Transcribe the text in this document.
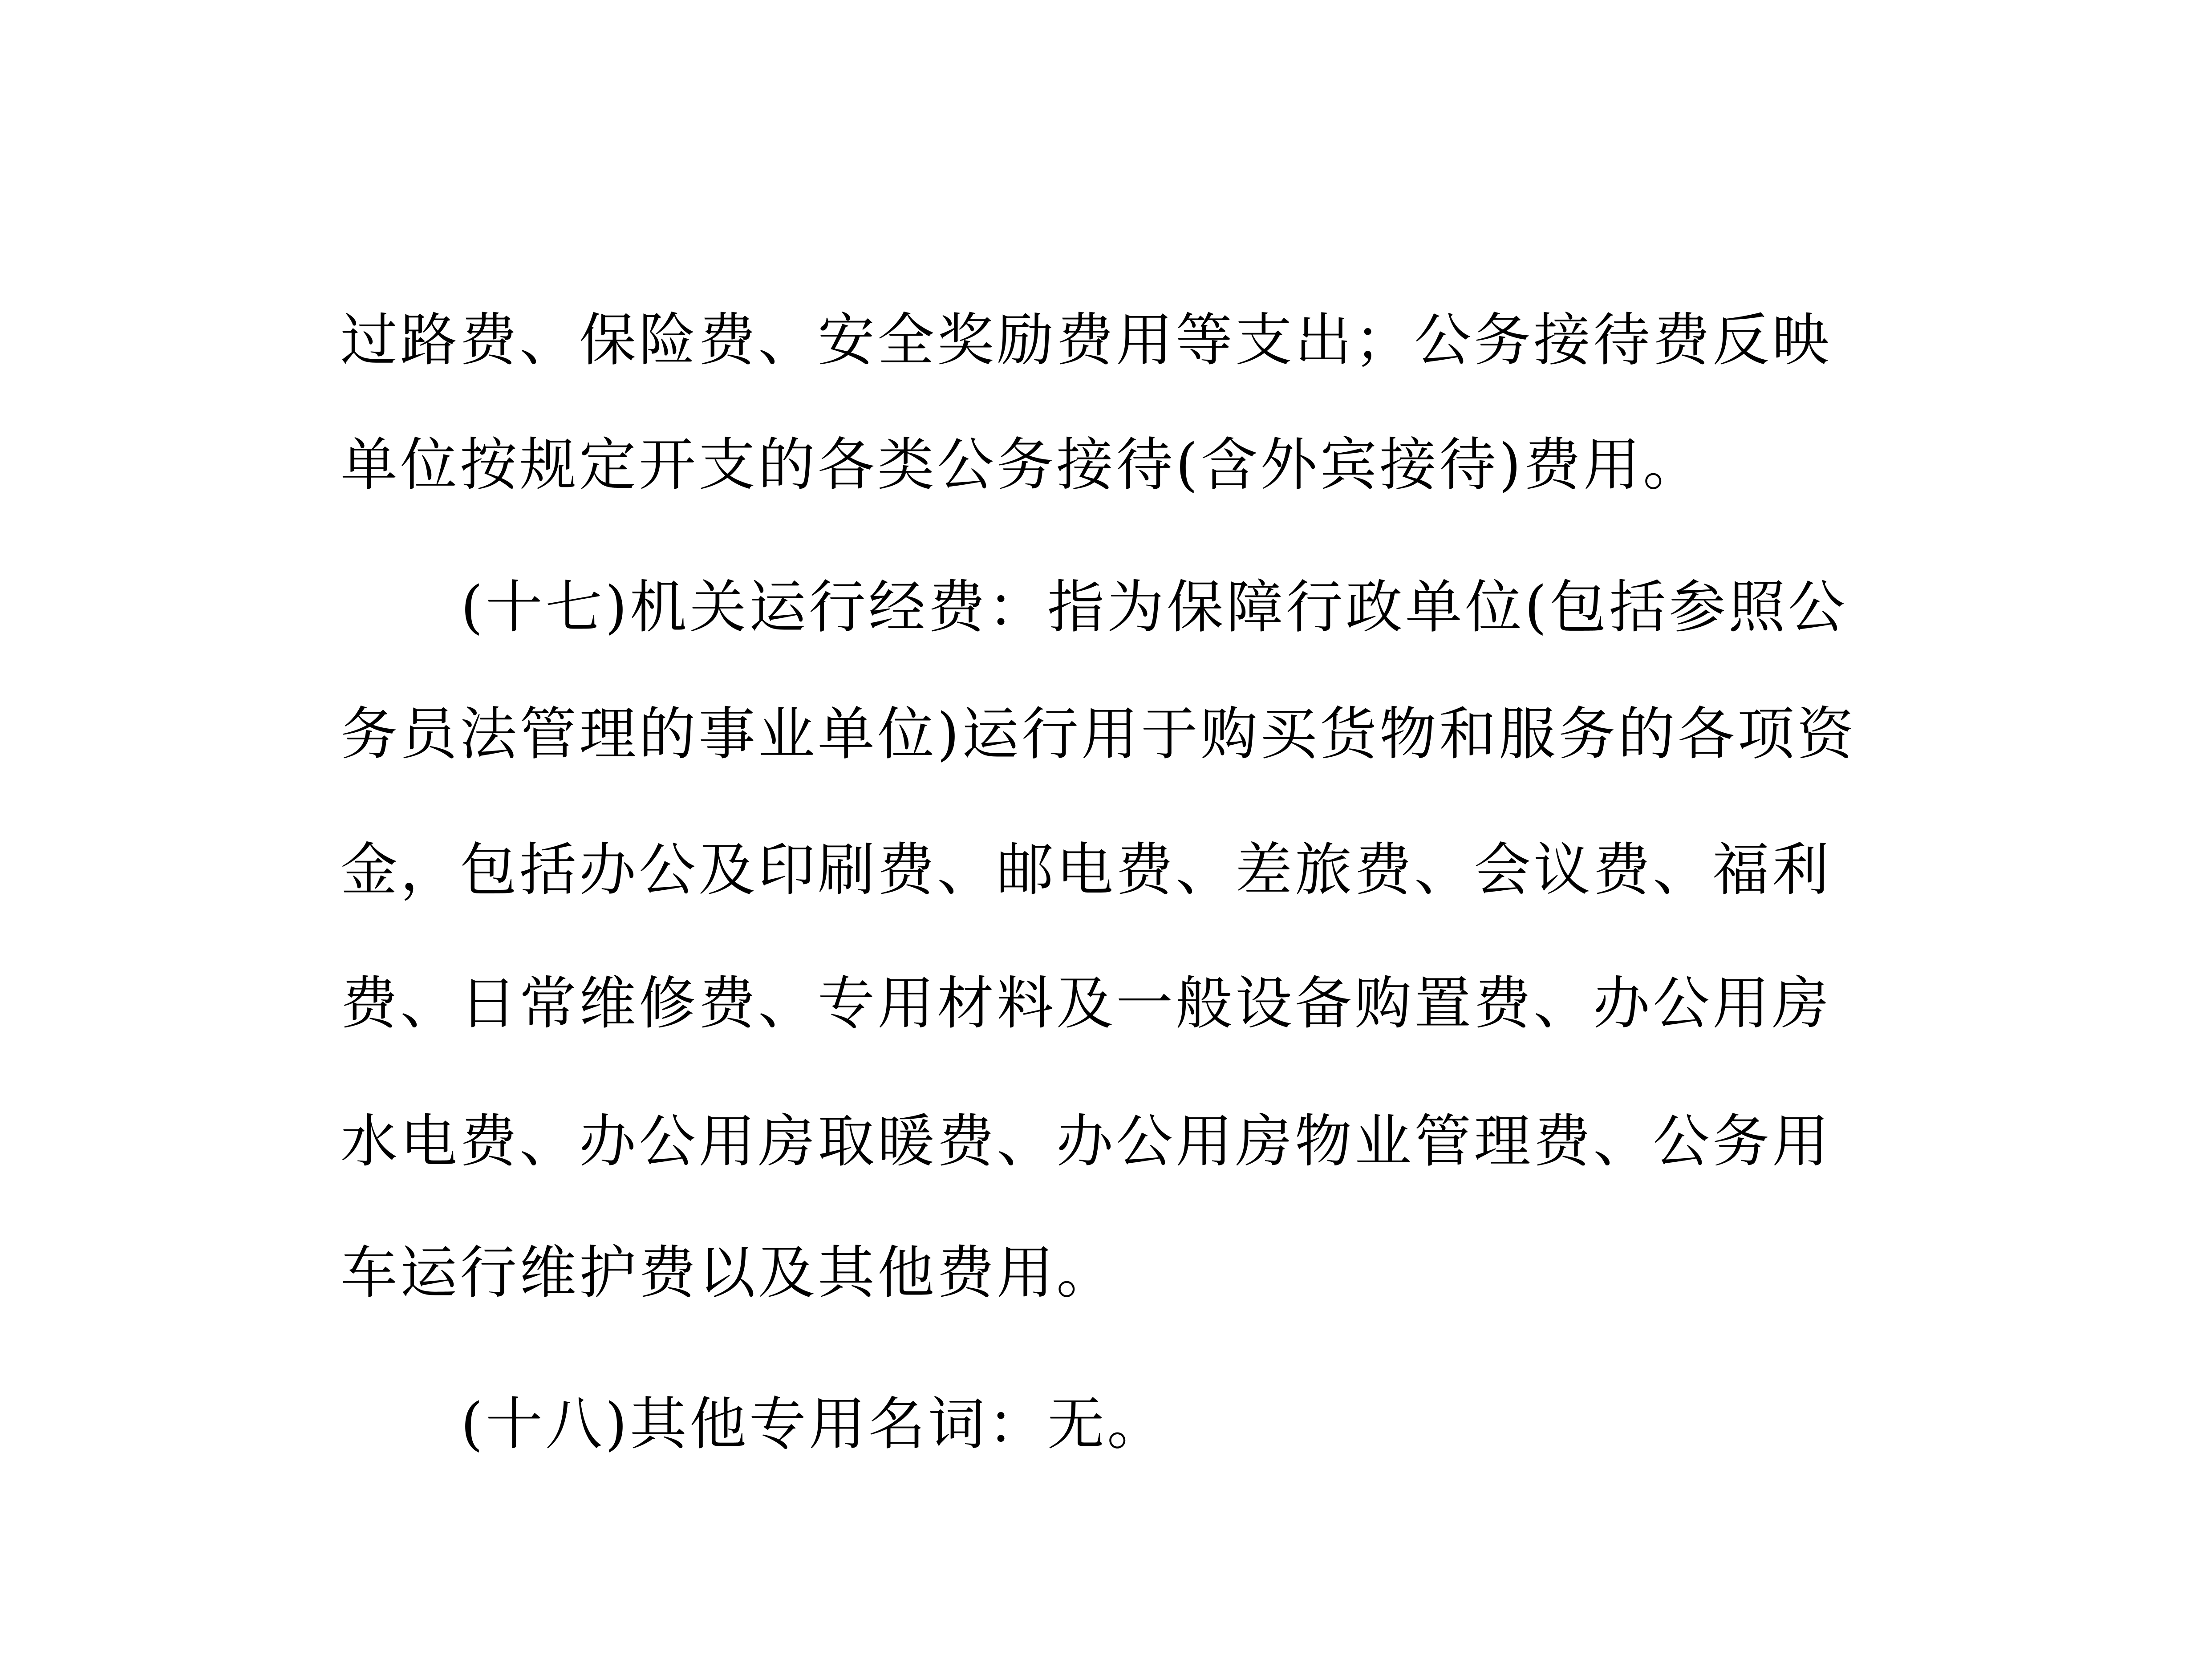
过路费、保险费、安全奖励费用等支出；公务接待费反映
单位按规定开支的各类公务接待(含外宾接待)费用。
(十七)机关运行经费：指为保障行政单位(包括参照公
务员法管理的事业单位)运行用于购买货物和服务的各项资
金，包括办公及印刷费、邮电费、差旅费、会议费、福利
费、日常维修费、专用材料及一般设备购置费、办公用房
水电费、办公用房取暖费、办公用房物业管理费、公务用
车运行维护费以及其他费用。
(十八)其他专用名词：无。
